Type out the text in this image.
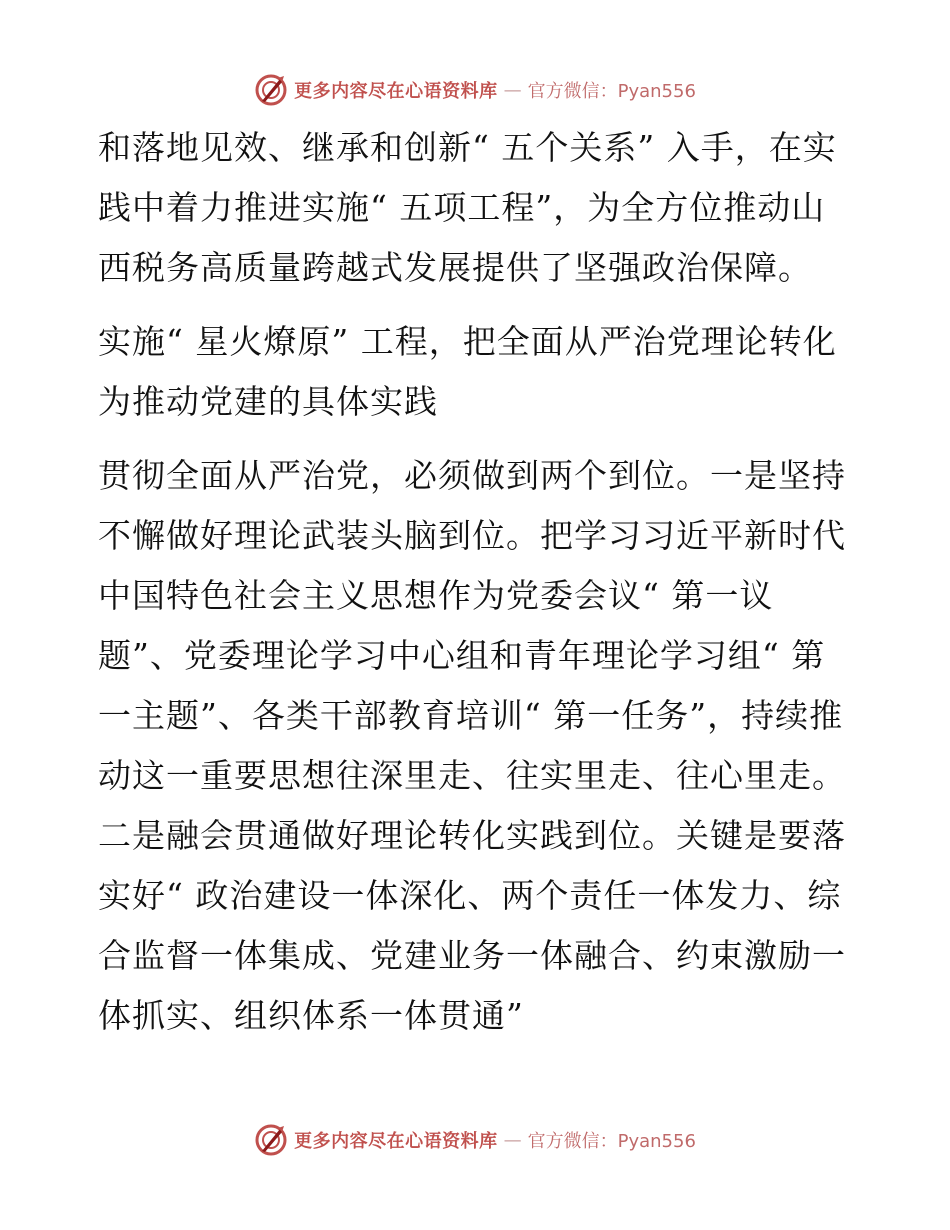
更多内容尽在心语资料库 — 官方微信：Pyan556

和落地见效、继承和创新“ 五个关系” 入手，在实践中着力推进实施“ 五项工程”，为全方位推动山西税务高质量跨越式发展提供了坚强政治保障。

实施“ 星火燎原” 工程，把全面从严治党理论转化为推动党建的具体实践

贯彻全面从严治党，必须做到两个到位。一是坚持不懈做好理论武装头脑到位。把学习习近平新时代中国特色社会主义思想作为党委会议“ 第一议题”、党委理论学习中心组和青年理论学习组“ 第一主题”、各类干部教育培训“ 第一任务”，持续推动这一重要思想往深里走、往实里走、往心里走。二是融会贯通做好理论转化实践到位。关键是要落实好“ 政治建设一体深化、两个责任一体发力、综合监督一体集成、党建业务一体融合、约束激励一体抓实、组织体系一体贯通”

更多内容尽在心语资料库 — 官方微信：Pyan556
